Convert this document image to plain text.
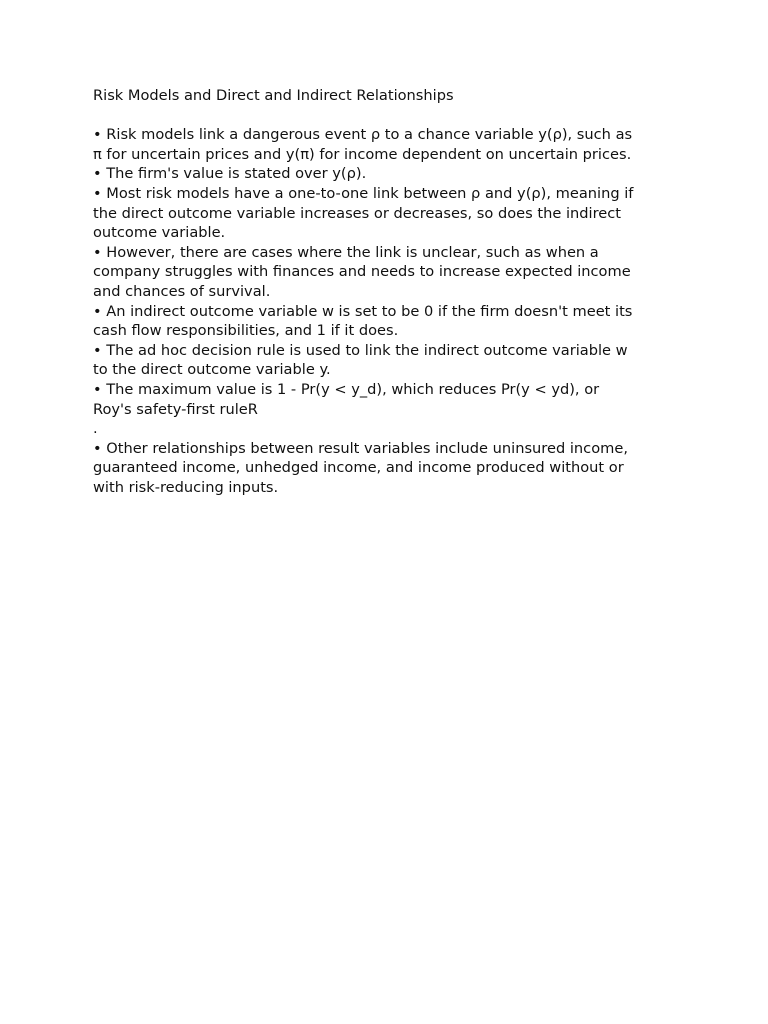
Risk Models and Direct and Indirect Relationships
• Risk models link a dangerous event ρ to a chance variable y(ρ), such as
π for uncertain prices and y(π) for income dependent on uncertain prices.
• The firm's value is stated over y(ρ).
• Most risk models have a one-to-one link between ρ and y(ρ), meaning if
the direct outcome variable increases or decreases, so does the indirect
outcome variable.
• However, there are cases where the link is unclear, such as when a
company struggles with finances and needs to increase expected income
and chances of survival.
• An indirect outcome variable w is set to be 0 if the firm doesn't meet its
cash flow responsibilities, and 1 if it does.
• The ad hoc decision rule is used to link the indirect outcome variable w
to the direct outcome variable y.
• The maximum value is 1 - Pr(y < y_d), which reduces Pr(y < yd), or
Roy's safety-first ruleR
.
• Other relationships between result variables include uninsured income,
guaranteed income, unhedged income, and income produced without or
with risk-reducing inputs.
